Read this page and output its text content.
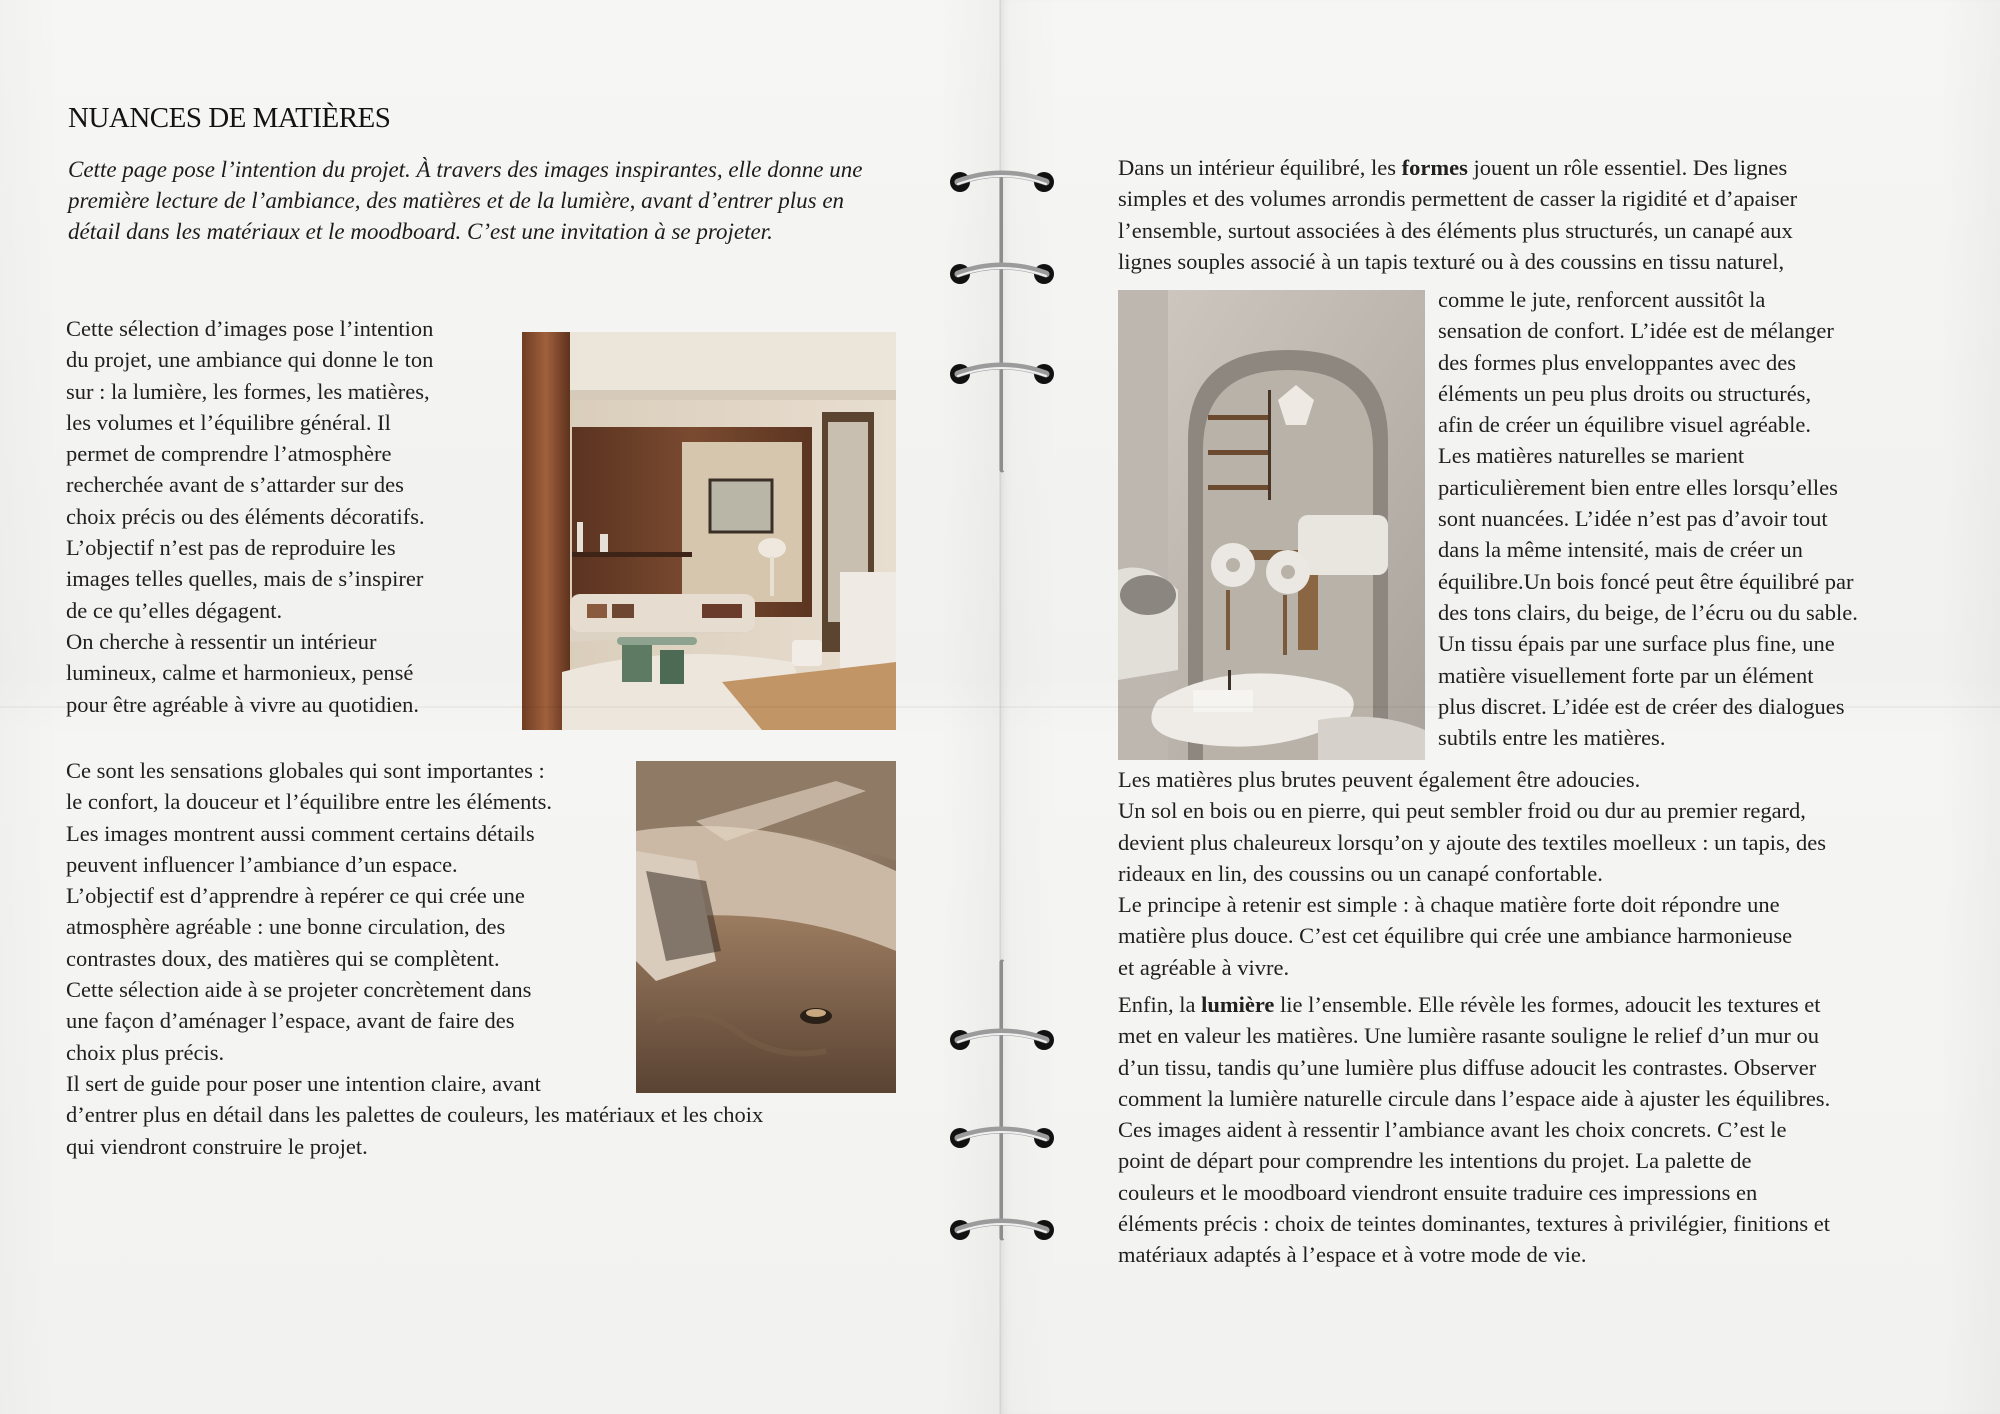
NUANCES DE MATIÈRES

Cette page pose l’intention du projet. À travers des images inspirantes, elle donne une première lecture de l’ambiance, des matières et de la lumière, avant d’entrer plus en détail dans les matériaux et le moodboard. C’est une invitation à se projeter.

Cette sélection d’images pose l’intention
du projet, une ambiance qui donne le ton
sur : la lumière, les formes, les matières,
les volumes et l’équilibre général. Il
permet de comprendre l’atmosphère
recherchée avant de s’attarder sur des
choix précis ou des éléments décoratifs.
L’objectif n’est pas de reproduire les
images telles quelles, mais de s’inspirer
de ce qu’elles dégagent.
On cherche à ressentir un intérieur
lumineux, calme et harmonieux, pensé
pour être agréable à vivre au quotidien.

Ce sont les sensations globales qui sont importantes :
le confort, la douceur et l’équilibre entre les éléments.
Les images montrent aussi comment certains détails
peuvent influencer l’ambiance d’un espace.
L’objectif est d’apprendre à repérer ce qui crée une
atmosphère agréable : une bonne circulation, des
contrastes doux, des matières qui se complètent.
Cette sélection aide à se projeter concrètement dans
une façon d’aménager l’espace, avant de faire des
choix plus précis.

Il sert de guide pour poser une intention claire, avant
d’entrer plus en détail dans les palettes de couleurs, les matériaux et les choix
qui viendront construire le projet.

Dans un intérieur équilibré, les formes jouent un rôle essentiel. Des lignes
simples et des volumes arrondis permettent de casser la rigidité et d’apaiser
l’ensemble, surtout associées à des éléments plus structurés, un canapé aux
lignes souples associé à un tapis texturé ou à des coussins en tissu naturel,

comme le jute, renforcent aussitôt la
sensation de confort. L’idée est de mélanger
des formes plus enveloppantes avec des
éléments un peu plus droits ou structurés,
afin de créer un équilibre visuel agréable.
Les matières naturelles se marient
particulièrement bien entre elles lorsqu’elles
sont nuancées. L’idée n’est pas d’avoir tout
dans la même intensité, mais de créer un
équilibre.Un bois foncé peut être équilibré par
des tons clairs, du beige, de l’écru ou du sable.
Un tissu épais par une surface plus fine, une
matière visuellement forte par un élément
plus discret. L’idée est de créer des dialogues
subtils entre les matières.

Les matières plus brutes peuvent également être adoucies.
Un sol en bois ou en pierre, qui peut sembler froid ou dur au premier regard,
devient plus chaleureux lorsqu’on y ajoute des textiles moelleux : un tapis, des
rideaux en lin, des coussins ou un canapé confortable.
Le principe à retenir est simple : à chaque matière forte doit répondre une
matière plus douce. C’est cet équilibre qui crée une ambiance harmonieuse
et agréable à vivre.

Enfin, la lumière lie l’ensemble. Elle révèle les formes, adoucit les textures et
met en valeur les matières. Une lumière rasante souligne le relief d’un mur ou
d’un tissu, tandis qu’une lumière plus diffuse adoucit les contrastes. Observer
comment la lumière naturelle circule dans l’espace aide à ajuster les équilibres.
Ces images aident à ressentir l’ambiance avant les choix concrets. C’est le
point de départ pour comprendre les intentions du projet. La palette de
couleurs et le moodboard viendront ensuite traduire ces impressions en
éléments précis : choix de teintes dominantes, textures à privilégier, finitions et
matériaux adaptés à l’espace et à votre mode de vie.
